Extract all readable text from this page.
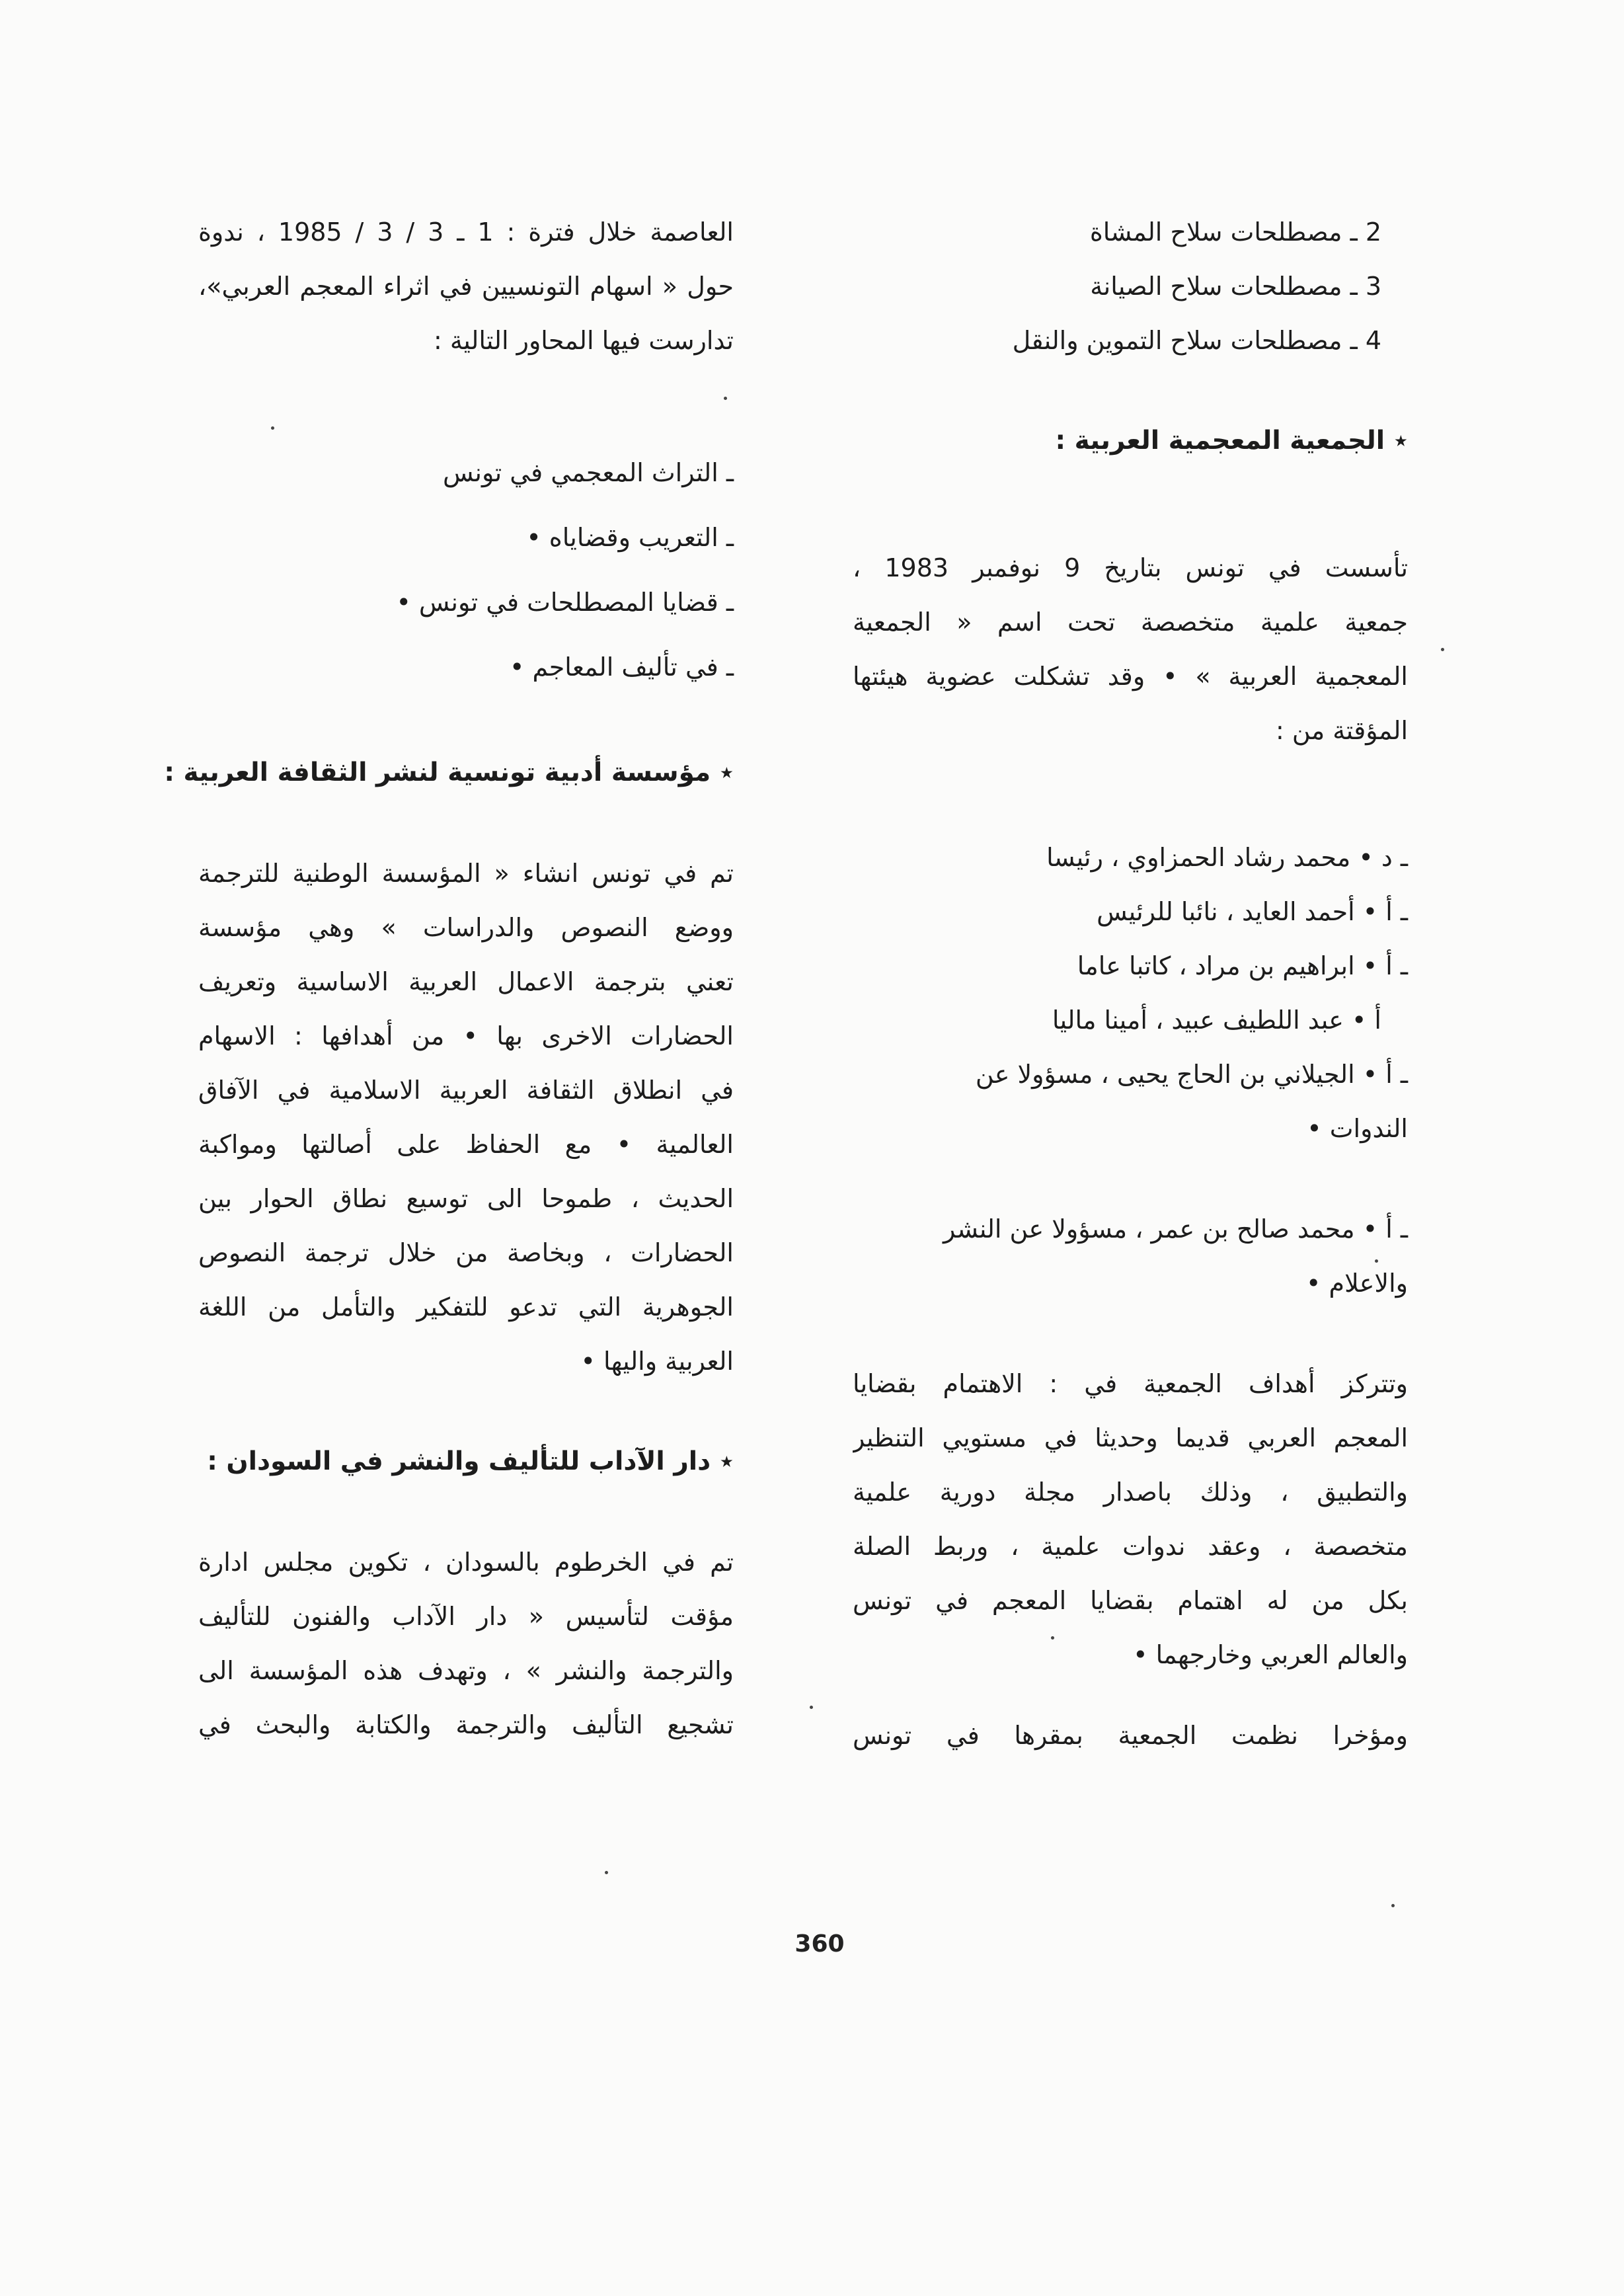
2 ـ مصطلحات سلاح المشاة
3 ـ مصطلحات سلاح الصيانة
4 ـ مصطلحات سلاح التموين والنقل
٭ الجمعية المعجمية العربية :

تأسست في تونس بتاريخ 9 نوفمبر 1983 ،
جمعية علمية متخصصة تحت اسم « الجمعية
المعجمية العربية » • وقد تشكلت عضوية هيئتها
المؤقتة من :

ـ د • محمد رشاد الحمزاوي ، رئيسا
ـ أ • أحمد العايد ، نائبا للرئيس
ـ أ • ابراهيم بن مراد ، كاتبا عاما
أ • عبد اللطيف عبيد ، أمينا ماليا
ـ أ • الجيلاني بن الحاج يحيى ، مسؤولا عن
الندوات •
ـ أ • محمد صالح بن عمر ، مسؤولا عن النشر
والاعلام •

وتتركز أهداف الجمعية في : الاهتمام بقضايا
المعجم العربي قديما وحديثا في مستويي التنظير
والتطبيق ، وذلك باصدار مجلة دورية علمية
متخصصة ، وعقد ندوات علمية ، وربط الصلة
بكل من له اهتمام بقضايا المعجم في تونس
والعالم العربي وخارجهما •

ومؤخرا نظمت الجمعية بمقرها في تونس

العاصمة خلال فترة : 1 ـ 3 / 3 / 1985 ، ندوة
حول « اسهام التونسيين في اثراء المعجم العربي»،
تدارست فيها المحاور التالية :

ـ التراث المعجمي في تونس
ـ التعريب وقضاياه •
ـ قضايا المصطلحات في تونس •
ـ في تأليف المعاجم •
٭ مؤسسة أدبية تونسية لنشر الثقافة العربية :

تم في تونس انشاء « المؤسسة الوطنية للترجمة
ووضع النصوص والدراسات » وهي مؤسسة
تعني بترجمة الاعمال العربية الاساسية وتعريف
الحضارات الاخرى بها • من أهدافها : الاسهام
في انطلاق الثقافة العربية الاسلامية في الآفاق
العالمية • مع الحفاظ على أصالتها ومواكبة
الحديث ، طموحا الى توسيع نطاق الحوار بين
الحضارات ، وبخاصة من خلال ترجمة النصوص
الجوهرية التي تدعو للتفكير والتأمل من اللغة
العربية واليها •

٭ دار الآداب للتأليف والنشر في السودان :

تم في الخرطوم بالسودان ، تكوين مجلس ادارة
مؤقت لتأسيس « دار الآداب والفنون للتأليف
والترجمة والنشر » ، وتهدف هذه المؤسسة الى
تشجيع التأليف والترجمة والكتابة والبحث في

360
